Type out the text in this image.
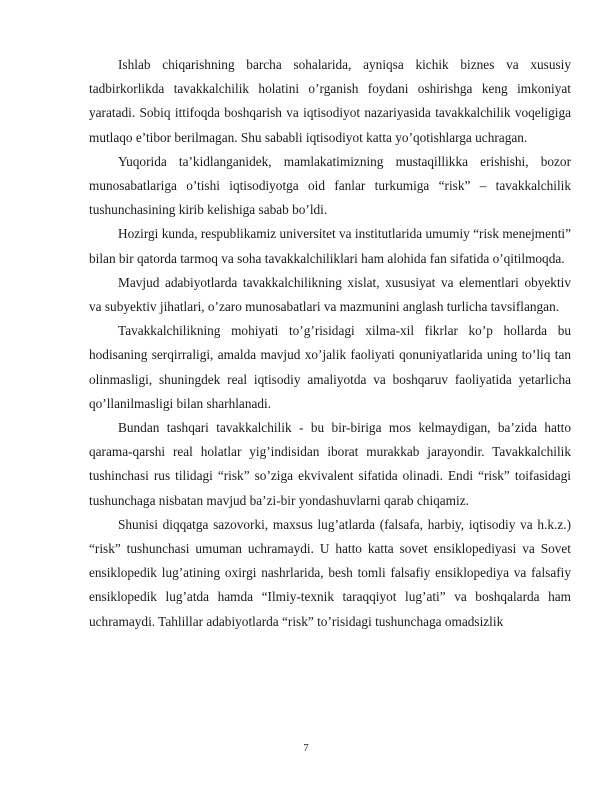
Ishlab chiqarishning barcha sohalarida, ayniqsa kichik biznes va xususiy tadbirkorlikda tavakkalchilik holatini o’rganish foydani oshirishga keng imkoniyat yaratadi. Sobiq ittifoqda boshqarish va iqtisodiyot nazariyasida tavakkalchilik voqeligiga mutlaqo e’tibor berilmagan. Shu sababli iqtisodiyot katta yo’qotishlarga uchragan.

Yuqorida ta’kidlanganidek, mamlakatimizning mustaqillikka erishishi, bozor munosabatlariga o’tishi iqtisodiyotga oid fanlar turkumiga “risk” – tavakkalchilik tushunchasining kirib kelishiga sabab bo’ldi.

Hozirgi kunda, respublikamiz universitet va institutlarida umumiy “risk menejmenti” bilan bir qatorda tarmoq va soha tavakkalchiliklari ham alohida fan sifatida o’qitilmoqda.

Mavjud adabiyotlarda tavakkalchilikning xislat, xususiyat va elementlari obyektiv va subyektiv jihatlari, o’zaro munosabatlari va mazmunini anglash turlicha tavsiflangan.

Tavakkalchilikning mohiyati to’g’risidagi xilma-xil fikrlar ko’p hollarda bu hodisaning serqirraligi, amalda mavjud xo’jalik faoliyati qonuniyatlarida uning to’liq tan olinmasligi, shuningdek real iqtisodiy amaliyotda va boshqaruv faoliyatida yetarlicha qo’llanilmasligi bilan sharhlanadi.

Bundan tashqari tavakkalchilik - bu bir-biriga mos kelmaydigan, ba’zida hatto qarama-qarshi real holatlar yig’indisidan iborat murakkab jarayondir. Tavakkalchilik tushinchasi rus tilidagi “risk” so’ziga ekvivalent sifatida olinadi. Endi “risk” toifasidagi tushunchaga nisbatan mavjud ba’zi-bir yondashuvlarni qarab chiqamiz.

Shunisi diqqatga sazovorki, maxsus lug’atlarda (falsafa, harbiy, iqtisodiy va h.k.z.) “risk” tushunchasi umuman uchramaydi. U hatto katta sovet ensiklopediyasi va Sovet ensiklopedik lug’atining oxirgi nashrlarida, besh tomli falsafiy ensiklopediya va falsafiy ensiklopedik lug’atda hamda “Ilmiy-texnik taraqqiyot lug’ati” va boshqalarda ham uchramaydi. Tahlillar adabiyotlarda “risk” to’risidagi tushunchaga omadsizlik

7
